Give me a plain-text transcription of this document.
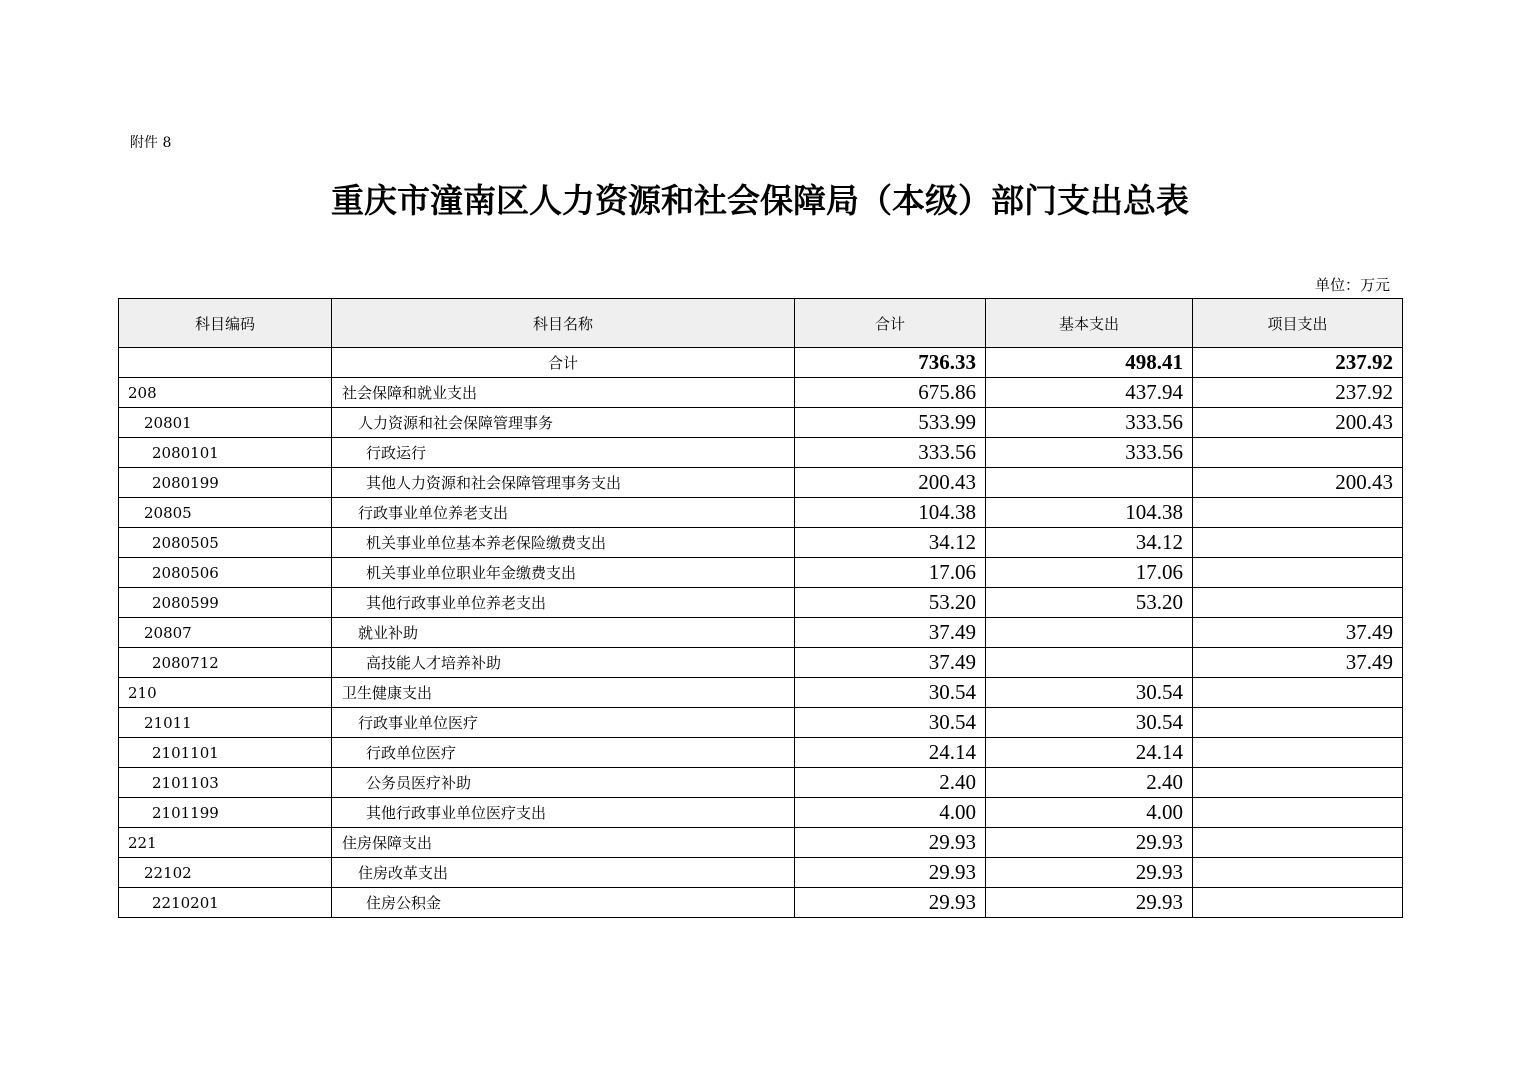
附件 8
重庆市潼南区人力资源和社会保障局（本级）部门支出总表
单位：万元
科目编码	科目名称	合计	基本支出	项目支出
	合计	736.33	498.41	237.92
208	社会保障和就业支出	675.86	437.94	237.92
20801	人力资源和社会保障管理事务	533.99	333.56	200.43
2080101	行政运行	333.56	333.56	
2080199	其他人力资源和社会保障管理事务支出	200.43		200.43
20805	行政事业单位养老支出	104.38	104.38	
2080505	机关事业单位基本养老保险缴费支出	34.12	34.12	
2080506	机关事业单位职业年金缴费支出	17.06	17.06	
2080599	其他行政事业单位养老支出	53.20	53.20	
20807	就业补助	37.49		37.49
2080712	高技能人才培养补助	37.49		37.49
210	卫生健康支出	30.54	30.54	
21011	行政事业单位医疗	30.54	30.54	
2101101	行政单位医疗	24.14	24.14	
2101103	公务员医疗补助	2.40	2.40	
2101199	其他行政事业单位医疗支出	4.00	4.00	
221	住房保障支出	29.93	29.93	
22102	住房改革支出	29.93	29.93	
2210201	住房公积金	29.93	29.93	
